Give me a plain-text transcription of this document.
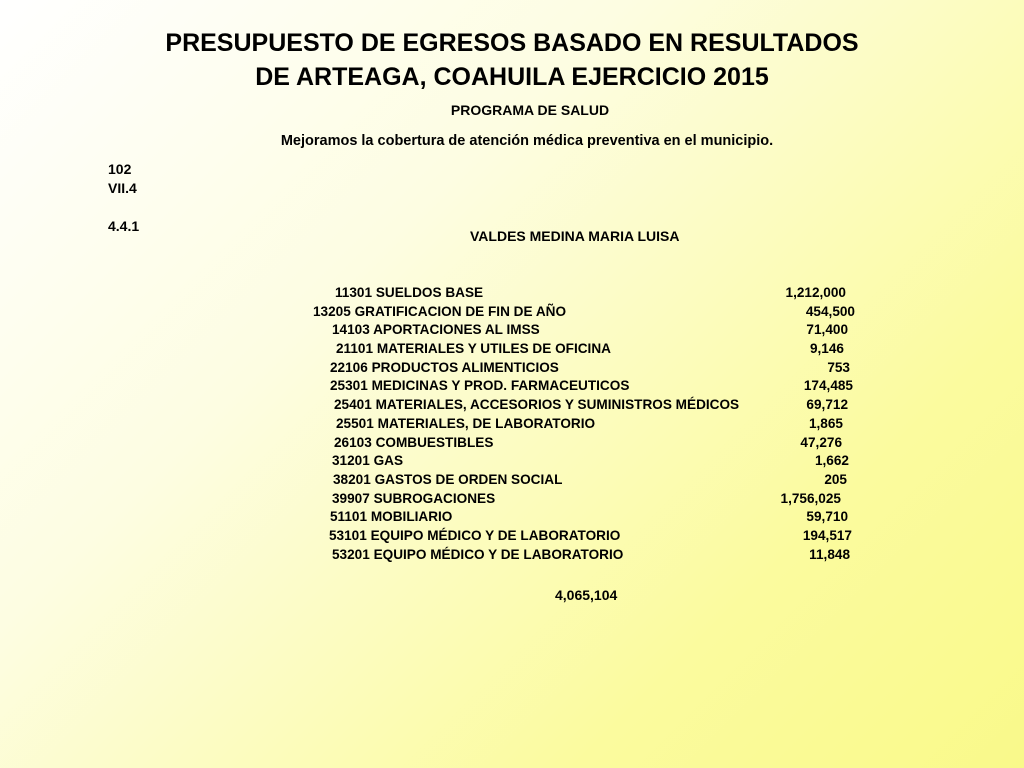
PRESUPUESTO DE EGRESOS BASADO EN RESULTADOS
DE ARTEAGA, COAHUILA EJERCICIO 2015
PROGRAMA DE SALUD
Mejoramos la cobertura de atención médica preventiva en el municipio.
102
VII.4
4.4.1
VALDES MEDINA MARIA LUISA
11301 SUELDOS BASE	1,212,000
13205 GRATIFICACION DE FIN DE AÑO	454,500
14103 APORTACIONES AL IMSS	71,400
21101 MATERIALES Y UTILES DE OFICINA	9,146
22106 PRODUCTOS ALIMENTICIOS	753
25301 MEDICINAS Y PROD. FARMACEUTICOS	174,485
25401 MATERIALES, ACCESORIOS Y SUMINISTROS MÉDICOS	69,712
25501 MATERIALES, DE LABORATORIO	1,865
26103 COMBUESTIBLES	47,276
31201 GAS	1,662
38201 GASTOS DE ORDEN SOCIAL	205
39907 SUBROGACIONES	1,756,025
51101 MOBILIARIO	59,710
53101 EQUIPO MÉDICO Y DE LABORATORIO	194,517
53201 EQUIPO MÉDICO Y DE LABORATORIO	11,848
4,065,104
